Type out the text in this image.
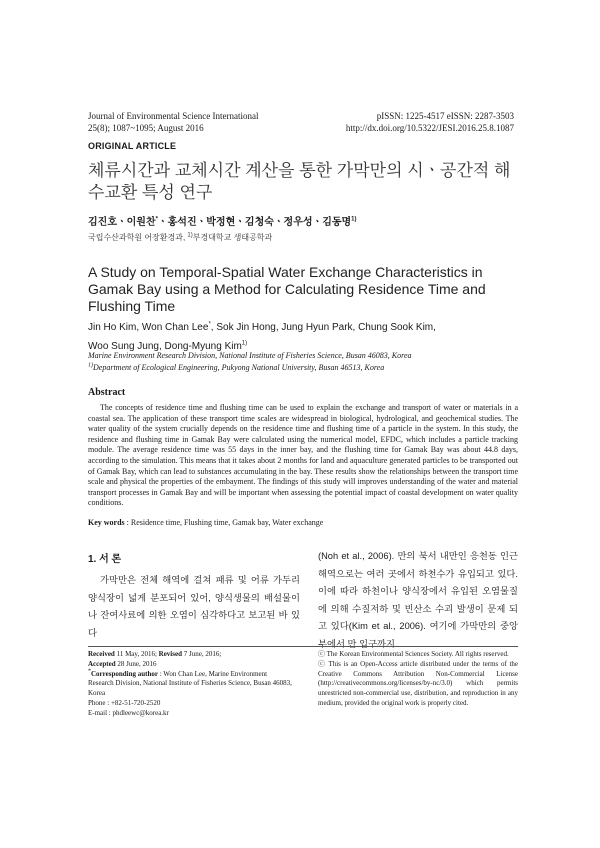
Journal of Environmental Science International
25(8); 1087~1095; August 2016
pISSN: 1225-4517 eISSN: 2287-3503
http://dx.doi.org/10.5322/JESI.2016.25.8.1087
ORIGINAL ARTICLE
체류시간과 교체시간 계산을 통한 가막만의 시ㆍ공간적 해수교환 특성 연구
김진호ㆍ이원찬*ㆍ홍석진ㆍ박정현ㆍ김청숙ㆍ정우성ㆍ김동명$^{1)}$
국립수산과학원 어장환경과, $^{1)}$부경대학교 생태공학과
A Study on Temporal-Spatial Water Exchange Characteristics in Gamak Bay using a Method for Calculating Residence Time and Flushing Time
Jin Ho Kim, Won Chan Lee*, Sok Jin Hong, Jung Hyun Park, Chung Sook Kim,
Woo Sung Jung, Dong-Myung Kim$^{1)}$
Marine Environment Research Division, National Institute of Fisheries Science, Busan 46083, Korea
$^{1)}$Department of Ecological Engineering, Pukyong National University, Busan 46513, Korea
Abstract
The concepts of residence time and flushing time can be used to explain the exchange and transport of water or materials in a coastal sea. The application of these transport time scales are widespread in biological, hydrological, and geochemical studies. The water quality of the system crucially depends on the residence time and flushing time of a particle in the system. In this study, the residence and flushing time in Gamak Bay were calculated using the numerical model, EFDC, which includes a particle tracking module. The average residence time was 55 days in the inner bay, and the flushing time for Gamak Bay was about 44.8 days, according to the simulation. This means that it takes about 2 months for land and aquaculture generated particles to be transported out of Gamak Bay, which can lead to substances accumulating in the bay. These results show the relationships between the transport time scale and physical the properties of the embayment. The findings of this study will improves understanding of the water and material transport processes in Gamak Bay and will be important when assessing the potential impact of coastal development on water quality conditions.
Key words : Residence time, Flushing time, Gamak bay, Water exchange
1. 서 론
가막만은 전체 해역에 걸쳐 패류 및 어류 가두리 양식장이 넓게 분포되어 있어, 양식생물의 배설물이나 잔여사료에 의한 오염이 심각하다고 보고된 바 있다
(Noh et al., 2006). 만의 북서 내만인 응천동 인근 해역으로는 여러 곳에서 하천수가 유입되고 있다. 이에 따라 하천이나 양식장에서 유입된 오염물질에 의해 수질저하 및 빈산소 수괴 발생이 문제 되고 있다(Kim et al., 2006). 여기에 가막만의 중앙부에서 만 입구까지
Received 11 May, 2016; Revised 7 June, 2016;
Accepted 28 June, 2016
*Corresponding author : Won Chan Lee, Marine Environment Research Division, National Institute of Fisheries Science, Busan 46083, Korea
Phone : +82-51-720-2520
E-mail : phdleewc@korea.kr
ⓒ The Korean Environmental Sciences Society. All rights reserved.
ⓒ This is an Open-Access article distributed under the terms of the Creative Commons Attribution Non-Commercial License (http://creativecommons.org/licenses/by-nc/3.0) which permits unrestricted non-commercial use, distribution, and reproduction in any medium, provided the original work is properly cited.
